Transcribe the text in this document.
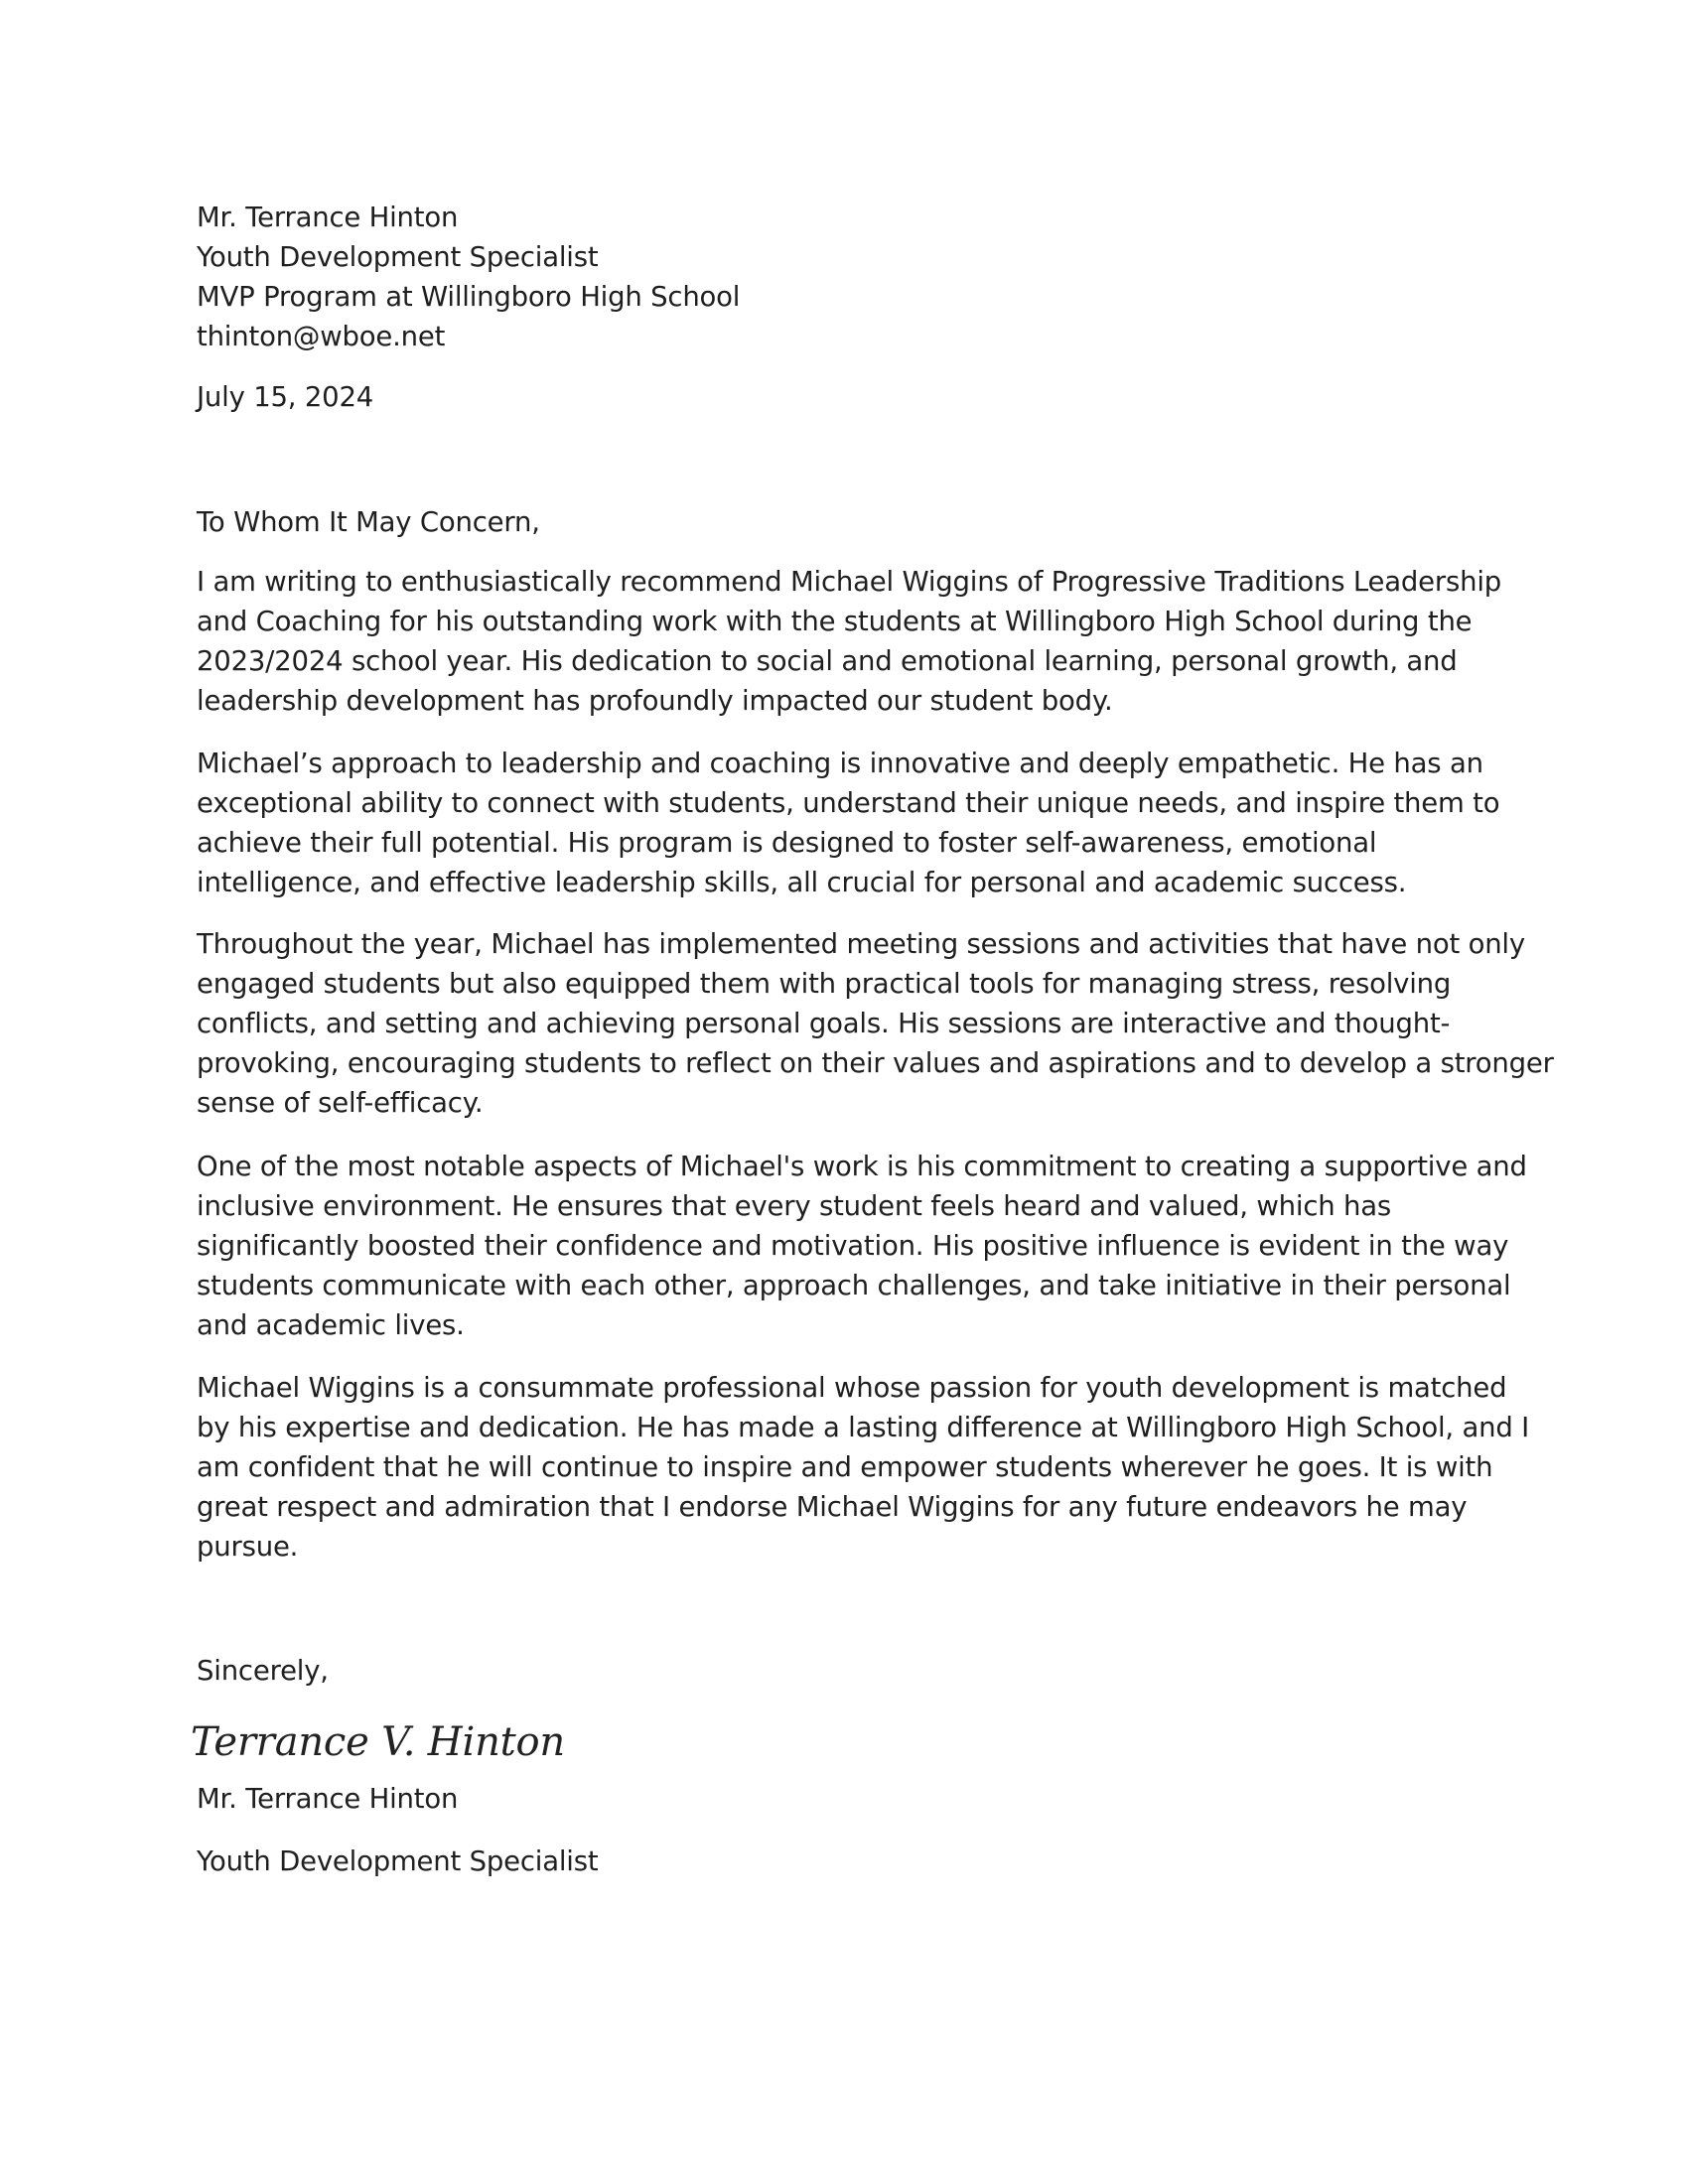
Mr. Terrance Hinton
Youth Development Specialist
MVP Program at Willingboro High School
thinton@wboe.net
July 15, 2024
To Whom It May Concern,

I am writing to enthusiastically recommend Michael Wiggins of Progressive Traditions Leadership
and Coaching for his outstanding work with the students at Willingboro High School during the
2023/2024 school year. His dedication to social and emotional learning, personal growth, and
leadership development has profoundly impacted our student body.

Michael’s approach to leadership and coaching is innovative and deeply empathetic. He has an
exceptional ability to connect with students, understand their unique needs, and inspire them to
achieve their full potential. His program is designed to foster self-awareness, emotional
intelligence, and effective leadership skills, all crucial for personal and academic success.

Throughout the year, Michael has implemented meeting sessions and activities that have not only
engaged students but also equipped them with practical tools for managing stress, resolving
conflicts, and setting and achieving personal goals. His sessions are interactive and thought-
provoking, encouraging students to reflect on their values and aspirations and to develop a stronger
sense of self-efficacy.

One of the most notable aspects of Michael's work is his commitment to creating a supportive and
inclusive environment. He ensures that every student feels heard and valued, which has
significantly boosted their confidence and motivation. His positive influence is evident in the way
students communicate with each other, approach challenges, and take initiative in their personal
and academic lives.

Michael Wiggins is a consummate professional whose passion for youth development is matched
by his expertise and dedication. He has made a lasting difference at Willingboro High School, and I
am confident that he will continue to inspire and empower students wherever he goes. It is with
great respect and admiration that I endorse Michael Wiggins for any future endeavors he may
pursue.

Sincerely,
Terrance V. Hinton
Mr. Terrance Hinton
Youth Development Specialist
